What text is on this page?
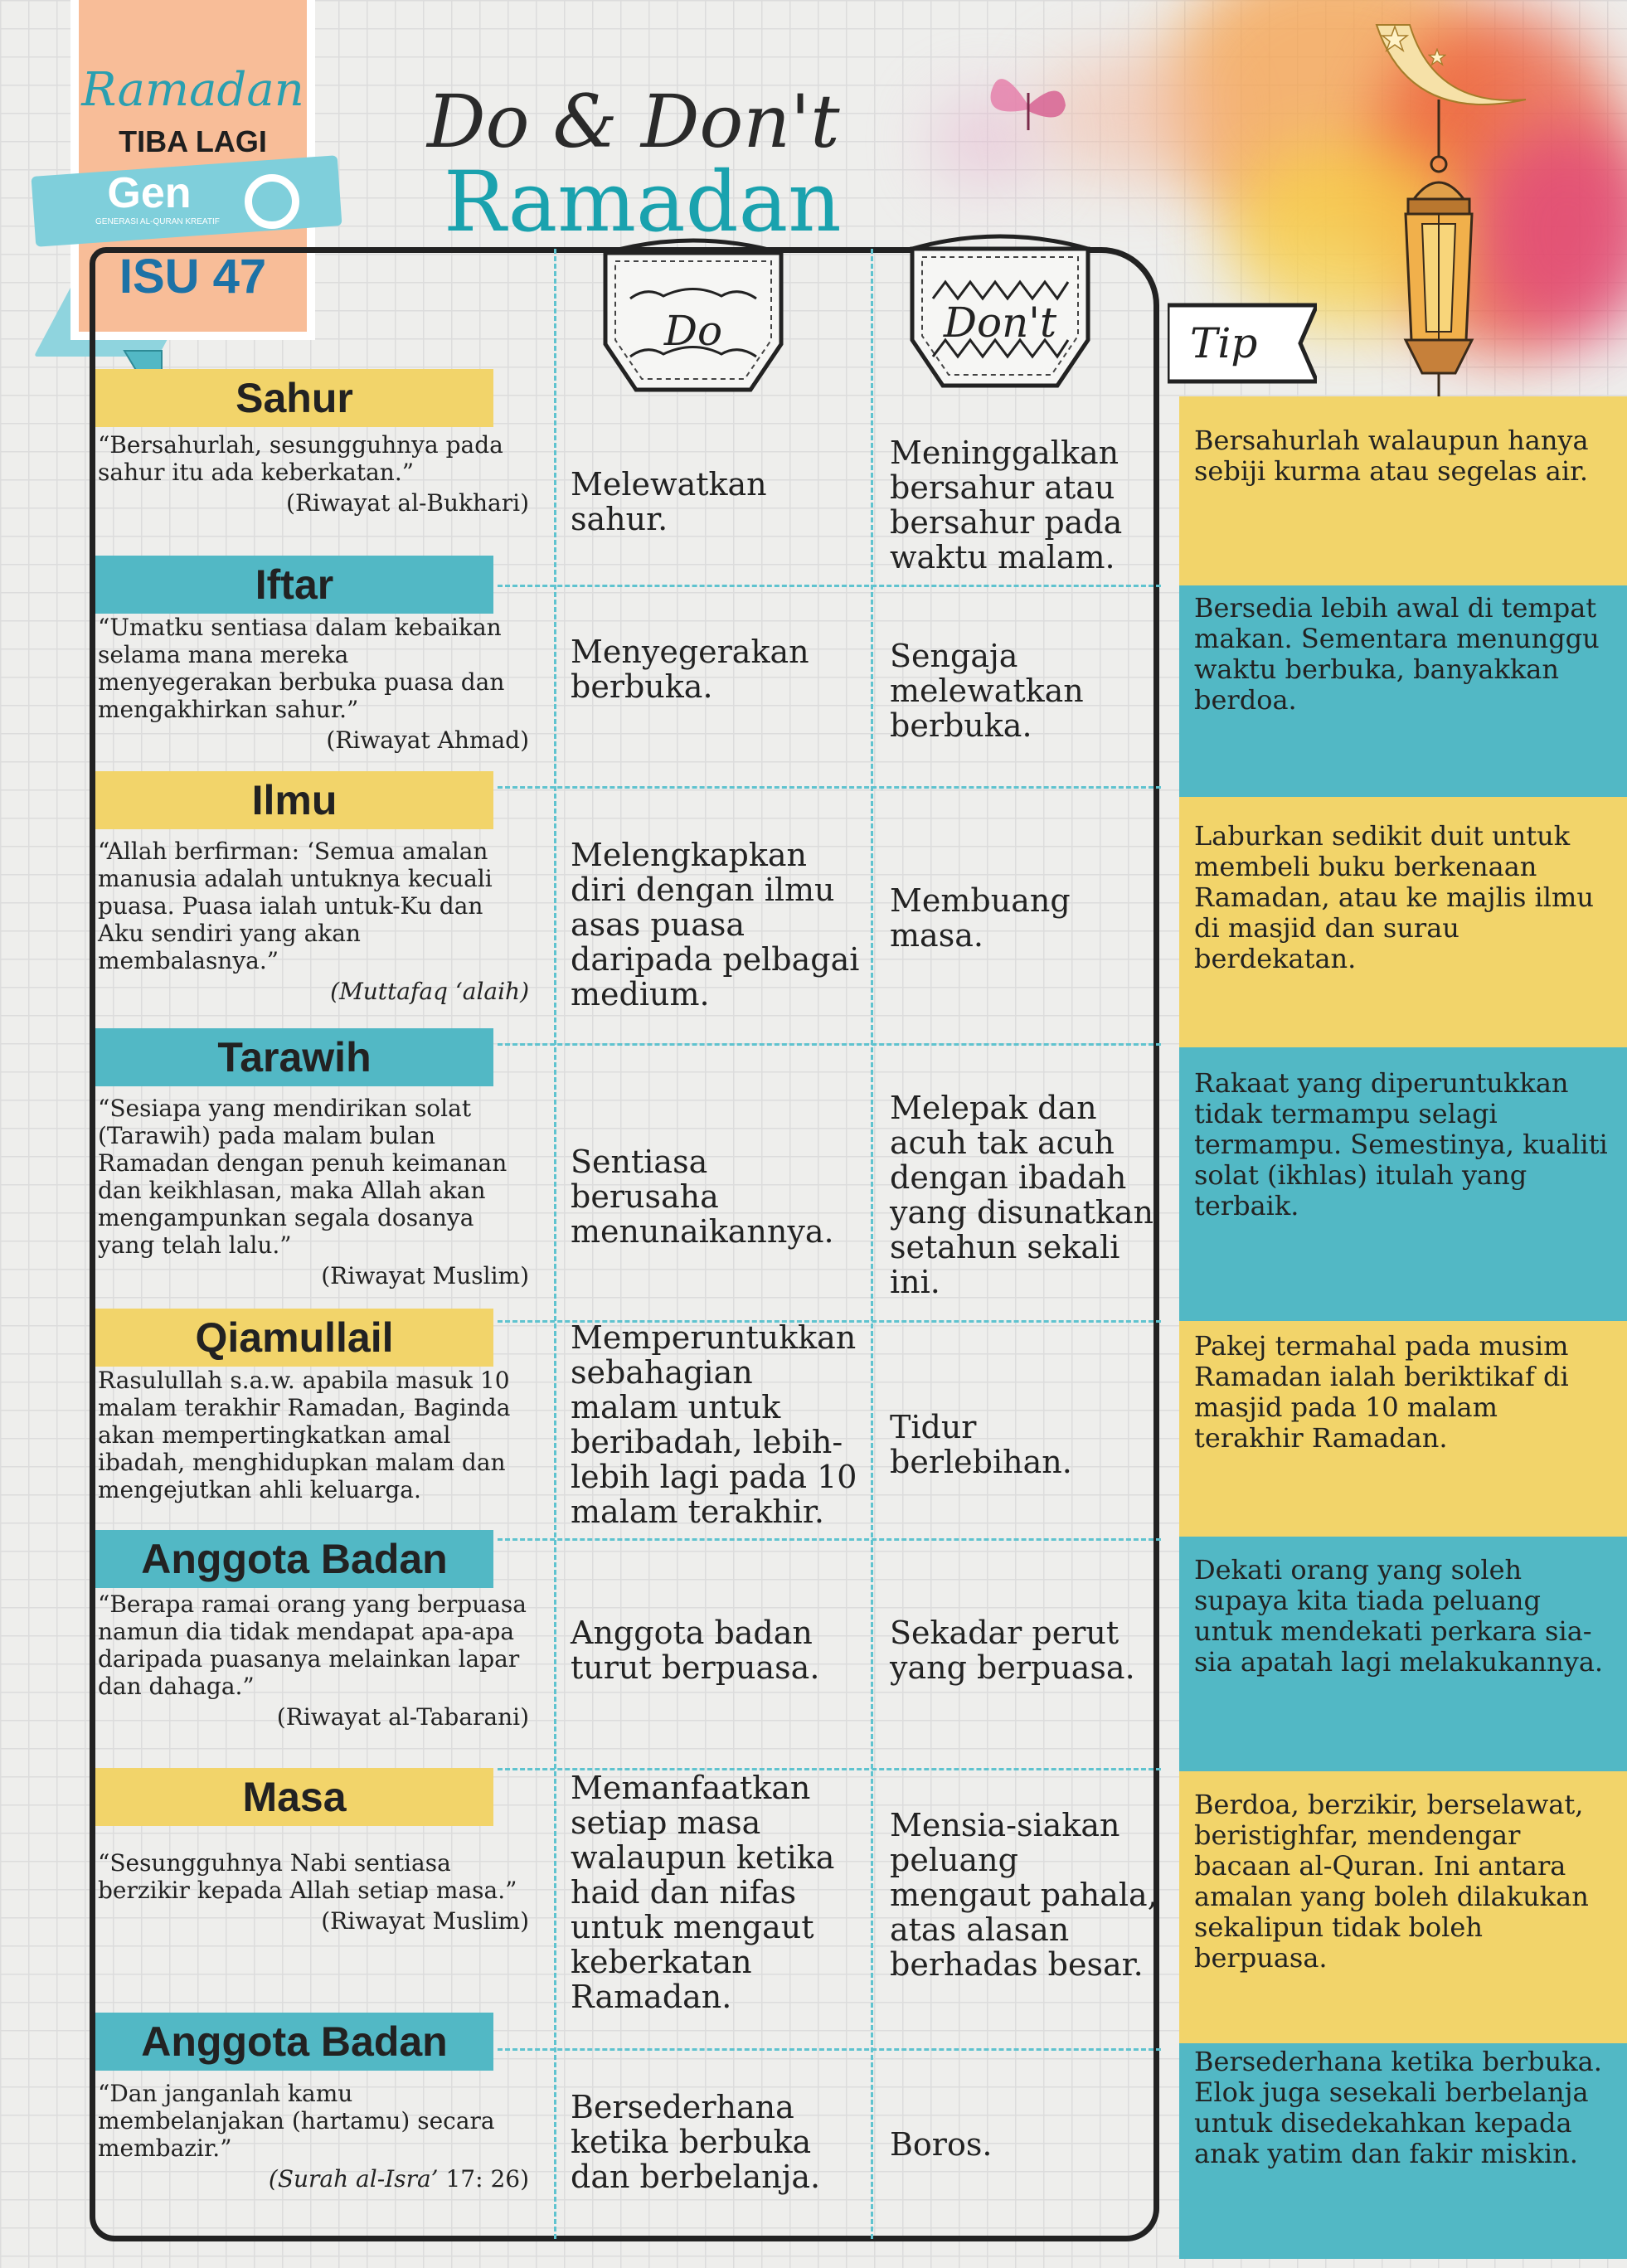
Ramadan
TIBA LAGI
Gen
GENERASI AL-QURAN KREATIF
ISU 47
Do & Don't
Ramadan
Do	Don't	Tip
Sahur
“Bersahurlah, sesungguhnya pada sahur itu ada keberkatan.”
(Riwayat al-Bukhari)
Melewatkan sahur.
Meninggalkan bersahur atau bersahur pada waktu malam.
Bersahurlah walaupun hanya sebiji kurma atau segelas air.
Iftar
“Umatku sentiasa dalam kebaikan selama mana mereka menyegerakan berbuka puasa dan mengakhirkan sahur.”
(Riwayat Ahmad)
Menyegerakan berbuka.
Sengaja melewatkan berbuka.
Bersedia lebih awal di tempat makan. Sementara menunggu waktu berbuka, banyakkan berdoa.
Ilmu
“Allah berfirman: ‘Semua amalan manusia adalah untuknya kecuali puasa. Puasa ialah untuk-Ku dan Aku sendiri yang akan membalasnya.”
(Muttafaq ‘alaih)
Melengkapkan diri dengan ilmu asas puasa daripada pelbagai medium.
Membuang masa.
Laburkan sedikit duit untuk membeli buku berkenaan Ramadan, atau ke majlis ilmu di masjid dan surau berdekatan.
Tarawih
“Sesiapa yang mendirikan solat (Tarawih) pada malam bulan Ramadan dengan penuh keimanan dan keikhlasan, maka Allah akan mengampunkan segala dosanya yang telah lalu.”
(Riwayat Muslim)
Sentiasa berusaha menunaikannya.
Melepak dan acuh tak acuh dengan ibadah yang disunatkan setahun sekali ini.
Rakaat yang diperuntukkan tidak termampu selagi termampu. Semestinya, kualiti solat (ikhlas) itulah yang terbaik.
Qiamullail
Rasulullah s.a.w. apabila masuk 10 malam terakhir Ramadan, Baginda akan mempertingkatkan amal ibadah, menghidupkan malam dan mengejutkan ahli keluarga.
Memperuntukkan sebahagian malam untuk beribadah, lebih-lebih lagi pada 10 malam terakhir.
Tidur berlebihan.
Pakej termahal pada musim Ramadan ialah beriktikaf di masjid pada 10 malam terakhir Ramadan.
Anggota Badan
“Berapa ramai orang yang berpuasa namun dia tidak mendapat apa-apa daripada puasanya melainkan lapar dan dahaga.”
(Riwayat al-Tabarani)
Anggota badan turut berpuasa.
Sekadar perut yang berpuasa.
Dekati orang yang soleh supaya kita tiada peluang untuk mendekati perkara sia-sia apatah lagi melakukannya.
Masa
“Sesungguhnya Nabi sentiasa berzikir kepada Allah setiap masa.”
(Riwayat Muslim)
Memanfaatkan setiap masa walaupun ketika haid dan nifas untuk mengaut keberkatan Ramadan.
Mensia-siakan peluang mengaut pahala, atas alasan berhadas besar.
Berdoa, berzikir, berselawat, beristighfar, mendengar bacaan al-Quran. Ini antara amalan yang boleh dilakukan sekalipun tidak boleh berpuasa.
Anggota Badan
“Dan janganlah kamu membelanjakan (hartamu) secara membazir.”
(Surah al-Isra’ 17: 26)
Bersederhana ketika berbuka dan berbelanja.
Boros.
Bersederhana ketika berbuka. Elok juga sesekali berbelanja untuk disedekahkan kepada anak yatim dan fakir miskin.
